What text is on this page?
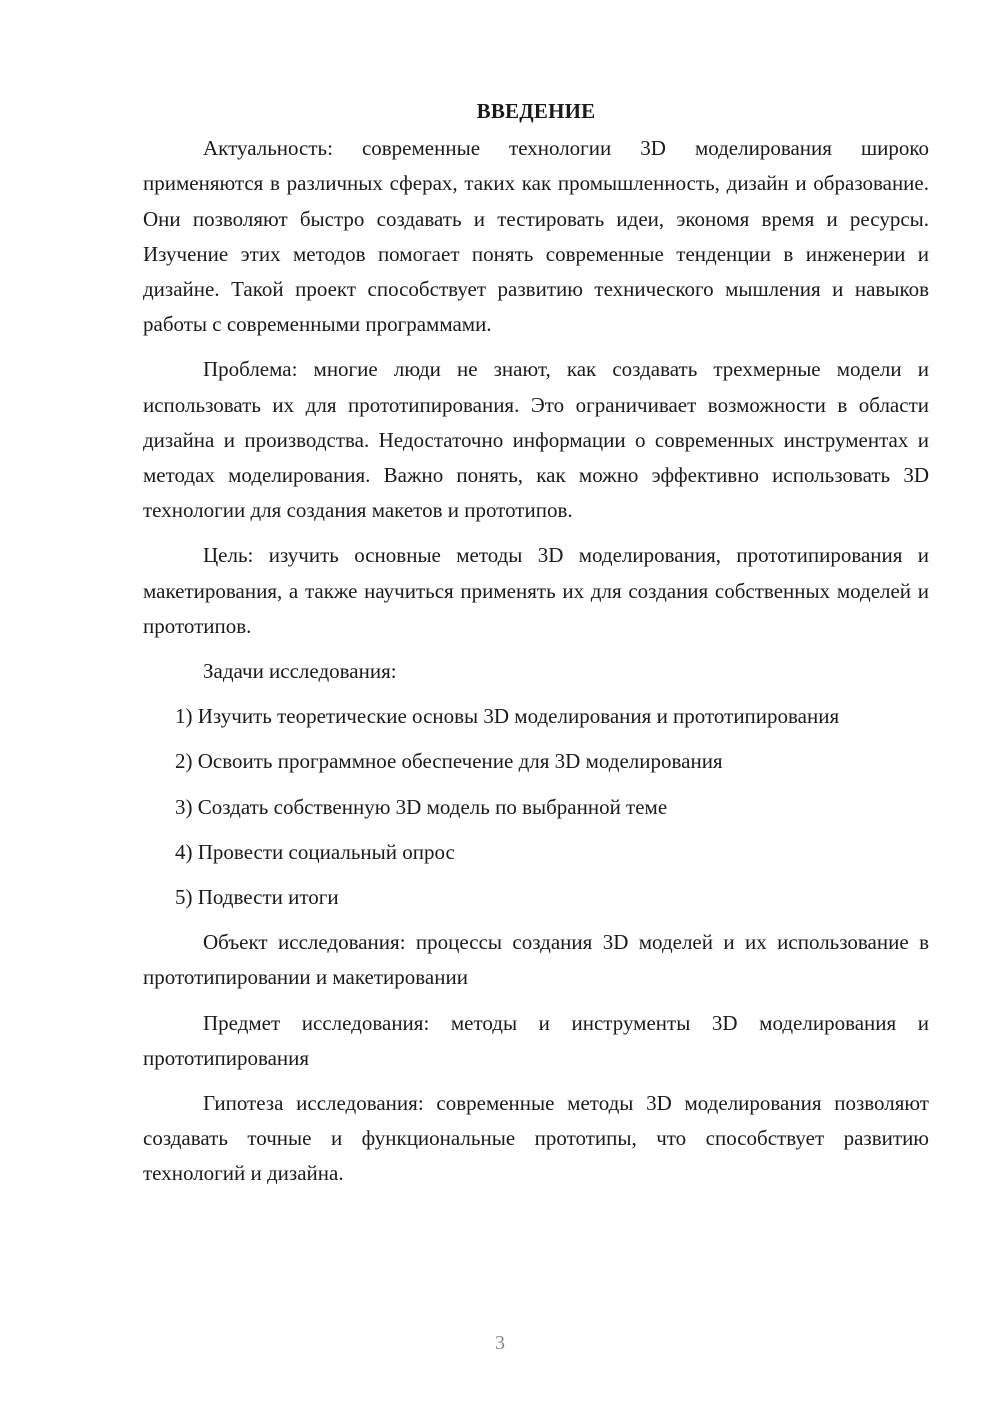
ВВЕДЕНИЕ

Актуальность: современные технологии 3D моделирования широко применяются в различных сферах, таких как промышленность, дизайн и образование. Они позволяют быстро создавать и тестировать идеи, экономя время и ресурсы. Изучение этих методов помогает понять современные тенденции в инженерии и дизайне. Такой проект способствует развитию технического мышления и навыков работы с современными программами.

Проблема: многие люди не знают, как создавать трехмерные модели и использовать их для прототипирования. Это ограничивает возможности в области дизайна и производства. Недостаточно информации о современных инструментах и методах моделирования. Важно понять, как можно эффективно использовать 3D технологии для создания макетов и прототипов.

Цель: изучить основные методы 3D моделирования, прототипирования и макетирования, а также научиться применять их для создания собственных моделей и прототипов.

Задачи исследования:

1) Изучить теоретические основы 3D моделирования и прототипирования

2) Освоить программное обеспечение для 3D моделирования

3) Создать собственную 3D модель по выбранной теме

4) Провести социальный опрос

5) Подвести итоги

Объект исследования: процессы создания 3D моделей и их использование в прототипировании и макетировании

Предмет исследования: методы и инструменты 3D моделирования и прототипирования

Гипотеза исследования: современные методы 3D моделирования позволяют создавать точные и функциональные прототипы, что способствует развитию технологий и дизайна.

3
